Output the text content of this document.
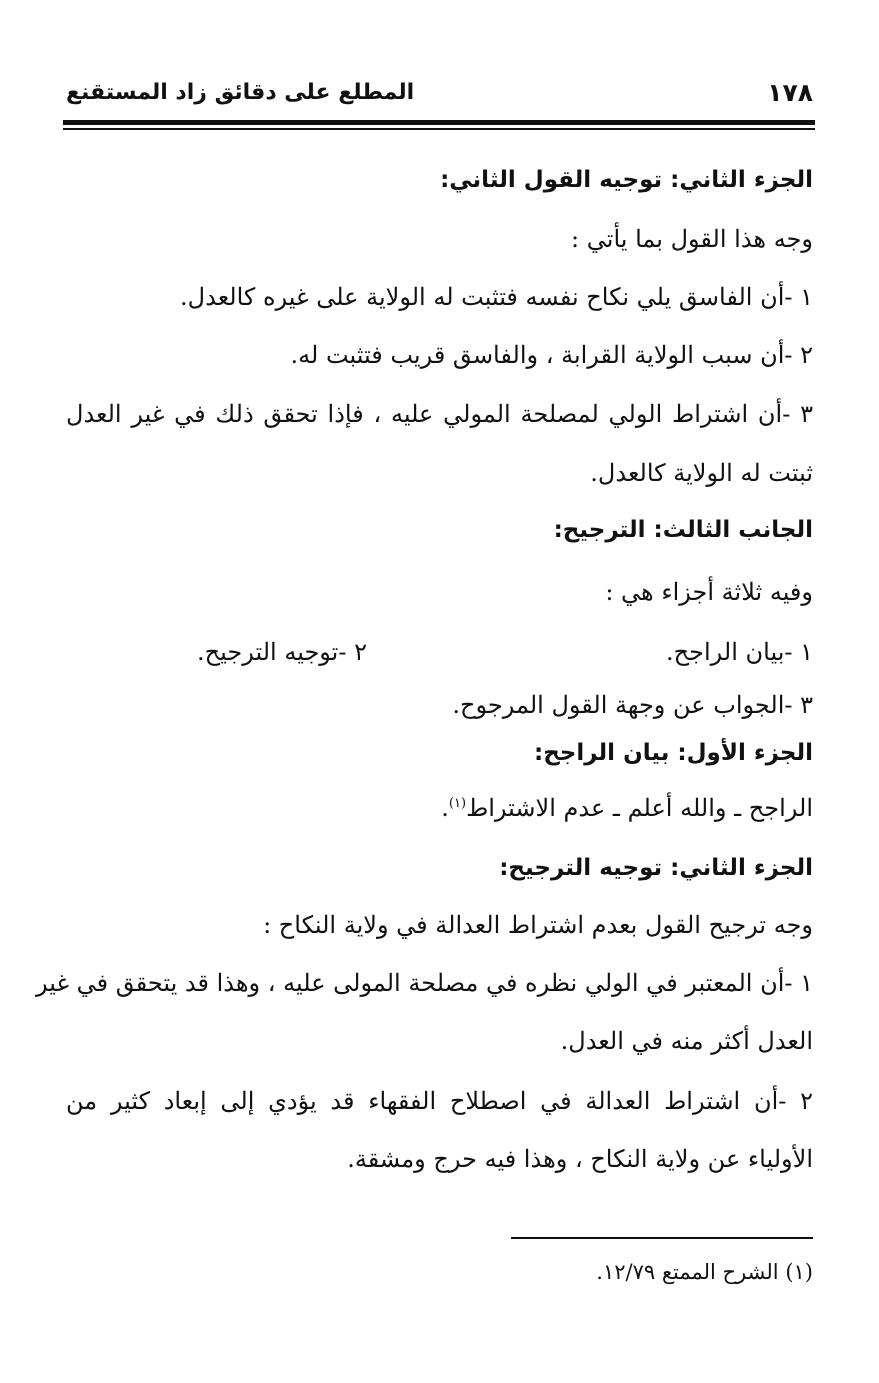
١٧٨
المطلع على دقائق زاد المستقنع
الجزء الثاني: توجيه القول الثاني:
وجه هذا القول بما يأتي :
١ -أن الفاسق يلي نكاح نفسه فتثبت له الولاية على غيره كالعدل.
٢ -أن سبب الولاية القرابة ، والفاسق قريب فتثبت له.
٣ -أن اشتراط الولي لمصلحة المولي عليه ، فإذا تحقق ذلك في غير العدل
ثبتت له الولاية كالعدل.
الجانب الثالث: الترجيح:
وفيه ثلاثة أجزاء هي :
١ -بيان الراجح.
٢ -توجيه الترجيح.
٣ -الجواب عن وجهة القول المرجوح.
الجزء الأول: بيان الراجح:
الراجح ـ والله أعلم ـ عدم الاشتراط$^{(١)}$.
الجزء الثاني: توجيه الترجيح:
وجه ترجيح القول بعدم اشتراط العدالة في ولاية النكاح :
١ -أن المعتبر في الولي نظره في مصلحة المولى عليه ، وهذا قد يتحقق في غير
العدل أكثر منه في العدل.
٢ -أن اشتراط العدالة في اصطلاح الفقهاء قد يؤدي إلى إبعاد كثير من
الأولياء عن ولاية النكاح ، وهذا فيه حرج ومشقة.
(١) الشرح الممتع ١٢/٧٩.
